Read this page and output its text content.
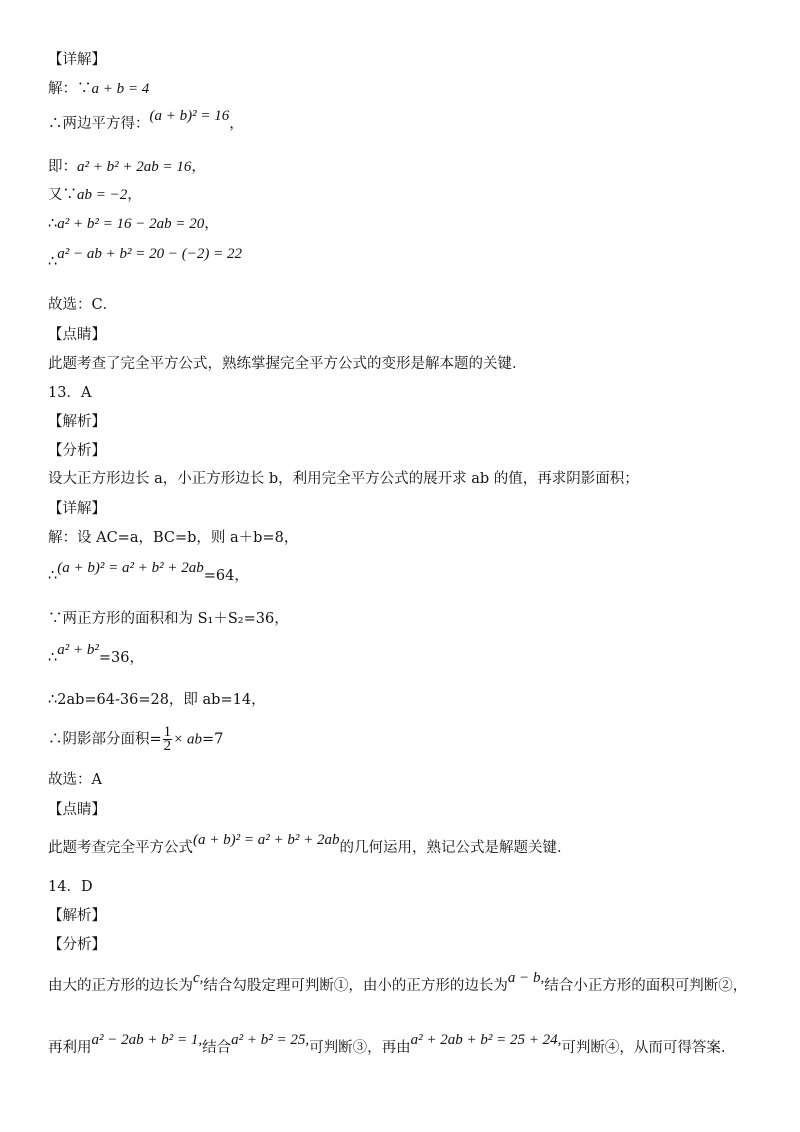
【详解】
解：∵a + b = 4
∴两边平方得：(a + b)² = 16，
即：a² + b² + 2ab = 16，
又∵ab = −2，
∴a² + b² = 16 − 2ab = 20，
∴a² − ab + b² = 20 − (−2) = 22
故选：C．
【点睛】
此题考查了完全平方公式，熟练掌握完全平方公式的变形是解本题的关键．
13．A
【解析】
【分析】
设大正方形边长 a，小正方形边长 b，利用完全平方公式的展开求 ab 的值，再求阴影面积；
【详解】
解：设 AC=a，BC=b，则 a＋b=8，
∴(a + b)² = a² + b² + 2ab=64，
∵两正方形的面积和为 S₁＋S₂=36，
∴a² + b²=36，
∴2ab=64-36=28，即 ab=14，
∴阴影部分面积= $\frac{1}{2} \times ab=7$
故选：A
【点睛】
此题考查完全平方公式(a + b)² = a² + b² + 2ab的几何运用，熟记公式是解题关键．
14．D
【解析】
【分析】
由大的正方形的边长为c,结合勾股定理可判断①，由小的正方形的边长为a − b,结合小正方形的面积可判断②，
再利用a² − 2ab + b² = 1,结合a² + b² = 25,可判断③，再由a² + 2ab + b² = 25 + 24,可判断④，从而可得答案.
